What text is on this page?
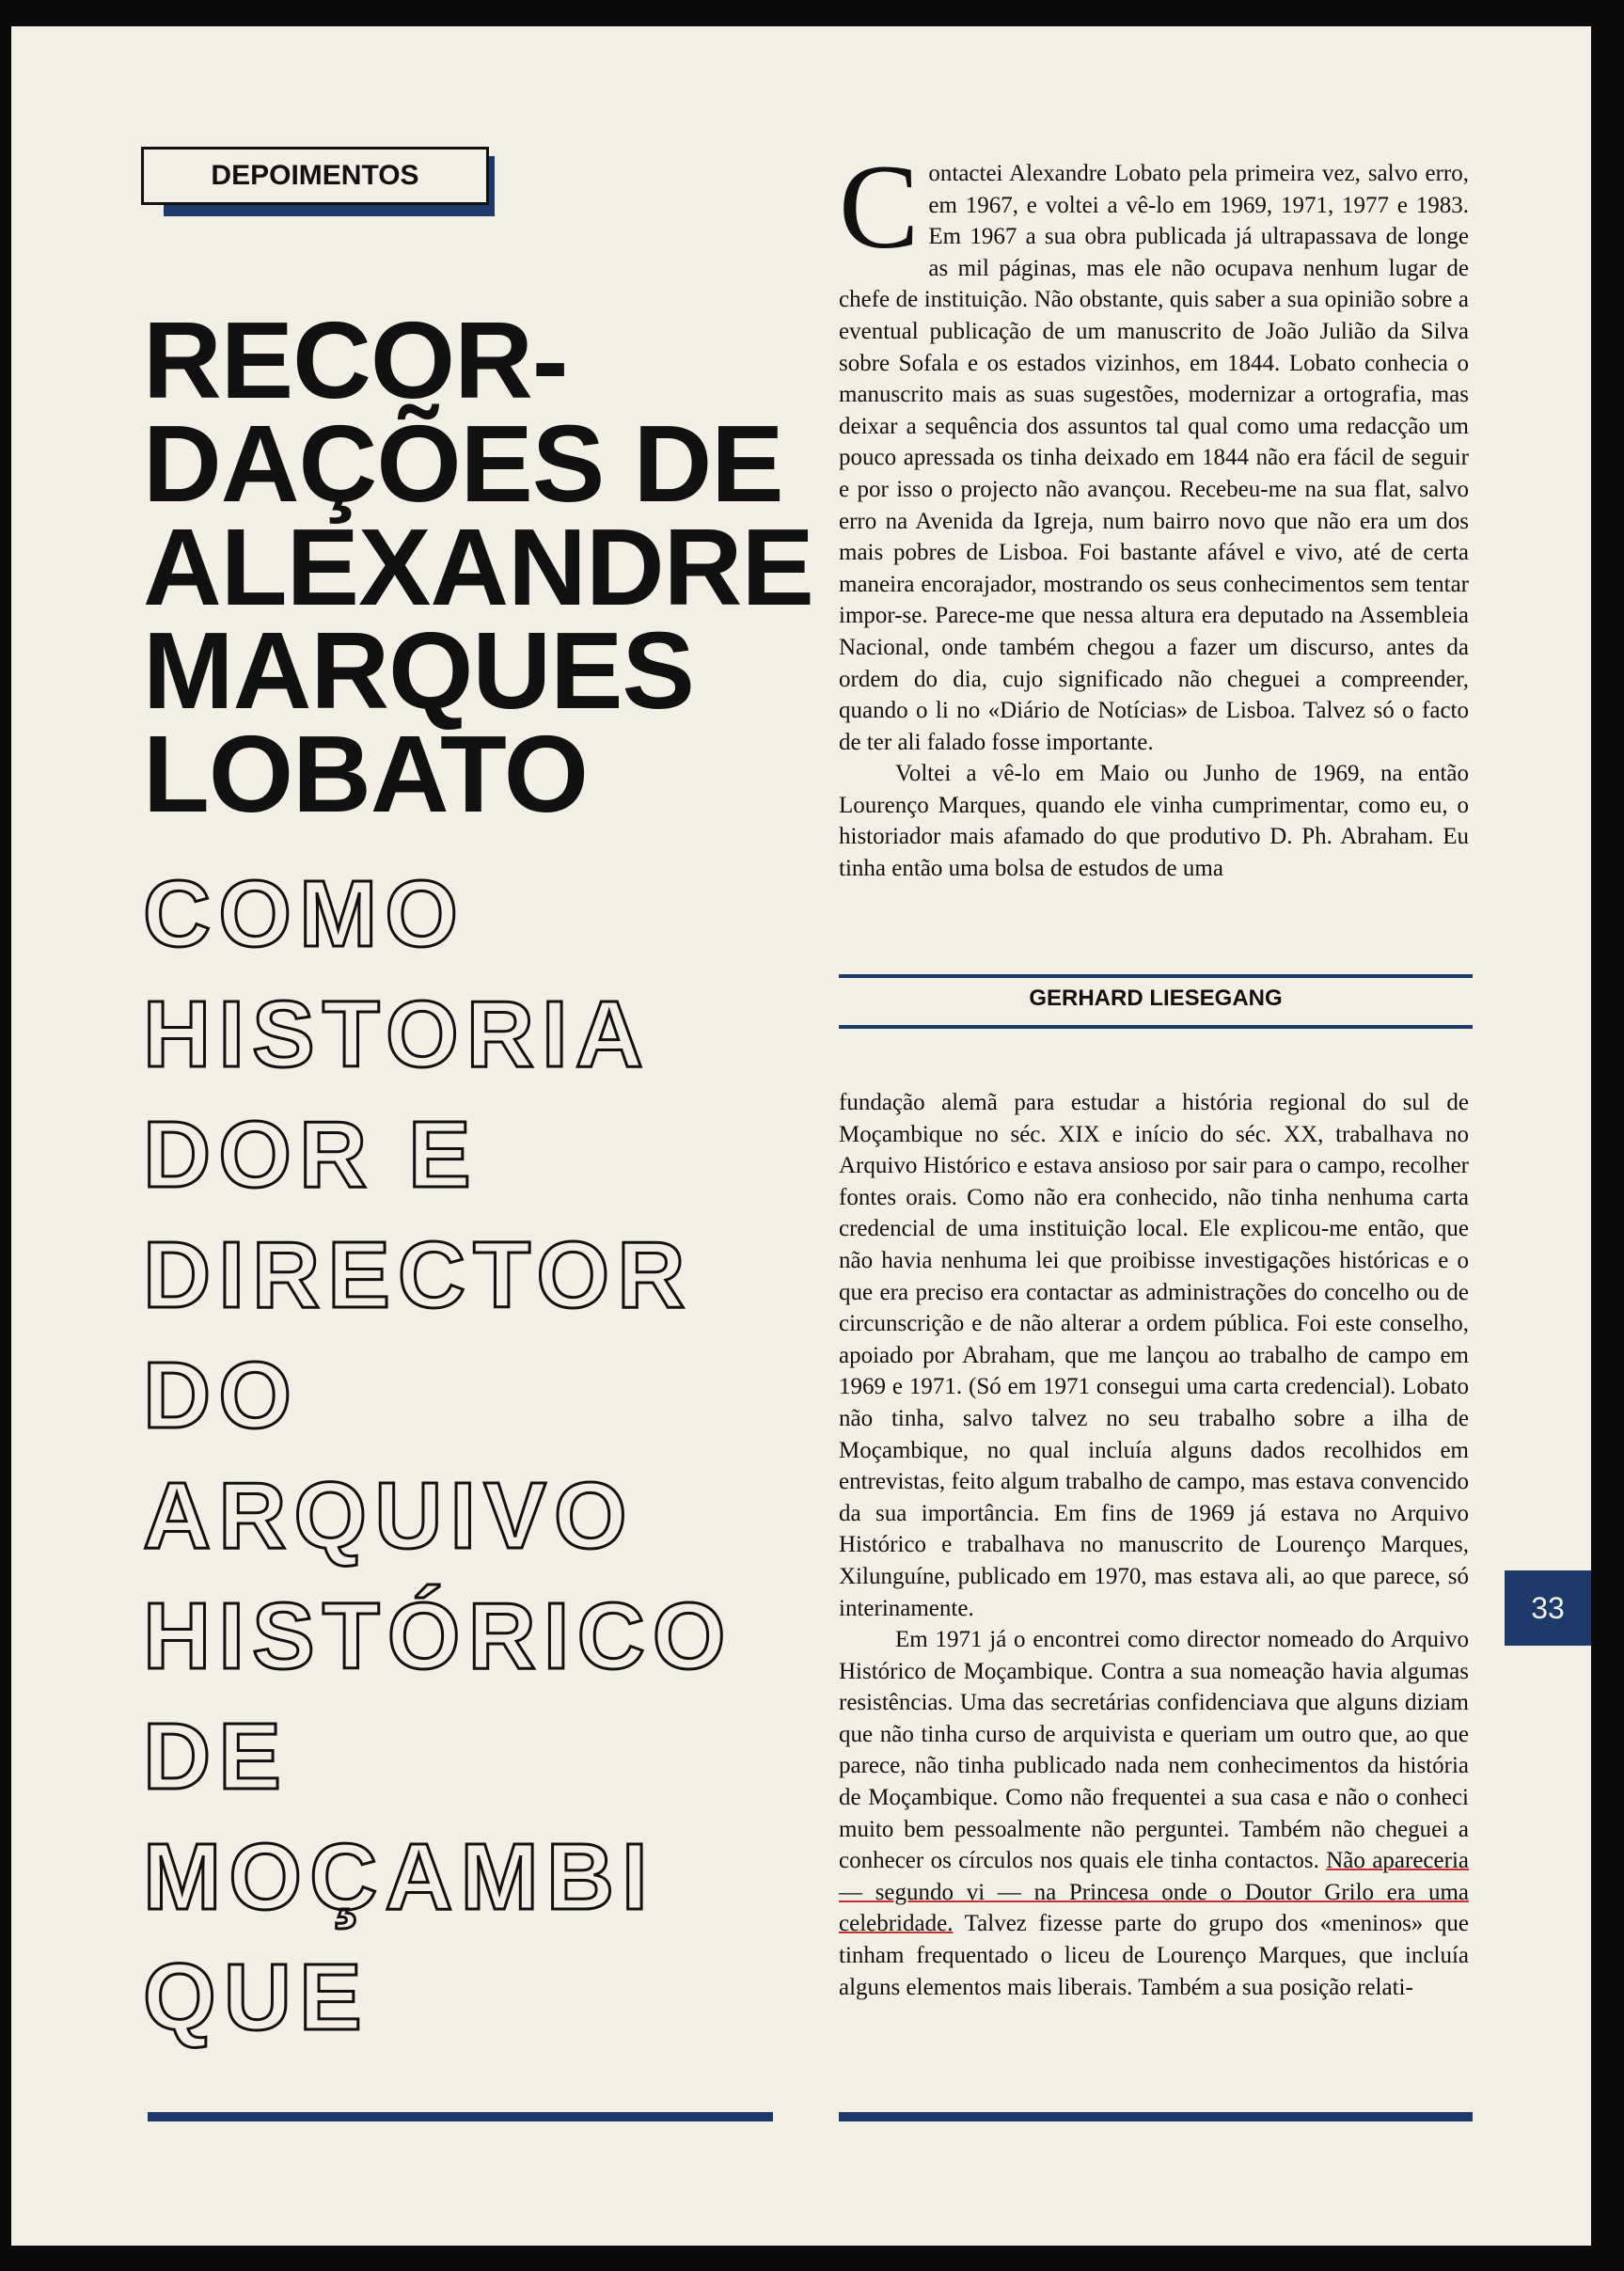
DEPOIMENTOS
RECOR-
DAÇÕES DE
ALEXANDRE
MARQUES
LOBATO
COMO
HISTORIA
DOR E
DIRECTOR
DO
ARQUIVO
HISTÓRICO
DE
MOÇAMBI
QUE

Contactei Alexandre Lobato pela primeira vez, salvo erro, em 1967, e voltei a vê-lo em 1969, 1971, 1977 e 1983. Em 1967 a sua obra publicada já ultrapassava de longe as mil páginas, mas ele não ocupava nenhum lugar de chefe de instituição. Não obstante, quis saber a sua opinião sobre a eventual publicação de um manuscrito de João Julião da Silva sobre Sofala e os estados vizinhos, em 1844. Lobato conhecia o manuscrito mais as suas sugestões, modernizar a ortografia, mas deixar a sequência dos assuntos tal qual como uma redacção um pouco apressada os tinha deixado em 1844 não era fácil de seguir e por isso o projecto não avançou. Recebeu-me na sua flat, salvo erro na Avenida da Igreja, num bairro novo que não era um dos mais pobres de Lisboa. Foi bastante afável e vivo, até de certa maneira encorajador, mostrando os seus conhecimentos sem tentar impor-se. Parece-me que nessa altura era deputado na Assembleia Nacional, onde também chegou a fazer um discurso, antes da ordem do dia, cujo significado não cheguei a compreender, quando o li no «Diário de Notícias» de Lisboa. Talvez só o facto de ter ali falado fosse importante.

Voltei a vê-lo em Maio ou Junho de 1969, na então Lourenço Marques, quando ele vinha cumprimentar, como eu, o historiador mais afamado do que produtivo D. Ph. Abraham. Eu tinha então uma bolsa de estudos de uma

GERHARD LIESEGANG

fundação alemã para estudar a história regional do sul de Moçambique no séc. XIX e início do séc. XX, trabalhava no Arquivo Histórico e estava ansioso por sair para o campo, recolher fontes orais. Como não era conhecido, não tinha nenhuma carta credencial de uma instituição local. Ele explicou-me então, que não havia nenhuma lei que proibisse investigações históricas e o que era preciso era contactar as administrações do concelho ou de circunscrição e de não alterar a ordem pública. Foi este conselho, apoiado por Abraham, que me lançou ao trabalho de campo em 1969 e 1971. (Só em 1971 consegui uma carta credencial). Lobato não tinha, salvo talvez no seu trabalho sobre a ilha de Moçambique, no qual incluía alguns dados recolhidos em entrevistas, feito algum trabalho de campo, mas estava convencido da sua importância. Em fins de 1969 já estava no Arquivo Histórico e trabalhava no manuscrito de Lourenço Marques, Xilunguíne, publicado em 1970, mas estava ali, ao que parece, só interinamente.

Em 1971 já o encontrei como director nomeado do Arquivo Histórico de Moçambique. Contra a sua nomeação havia algumas resistências. Uma das secretárias confidenciava que alguns diziam que não tinha curso de arquivista e queriam um outro que, ao que parece, não tinha publicado nada nem conhecimentos da história de Moçambique. Como não frequentei a sua casa e não o conheci muito bem pessoalmente não perguntei. Também não cheguei a conhecer os círculos nos quais ele tinha contactos. Não apareceria — segundo vi — na Princesa onde o Doutor Grilo era uma celebridade. Talvez fizesse parte do grupo dos «meninos» que tinham frequentado o liceu de Lourenço Marques, que incluía alguns elementos mais liberais. Também a sua posição relati-

33
